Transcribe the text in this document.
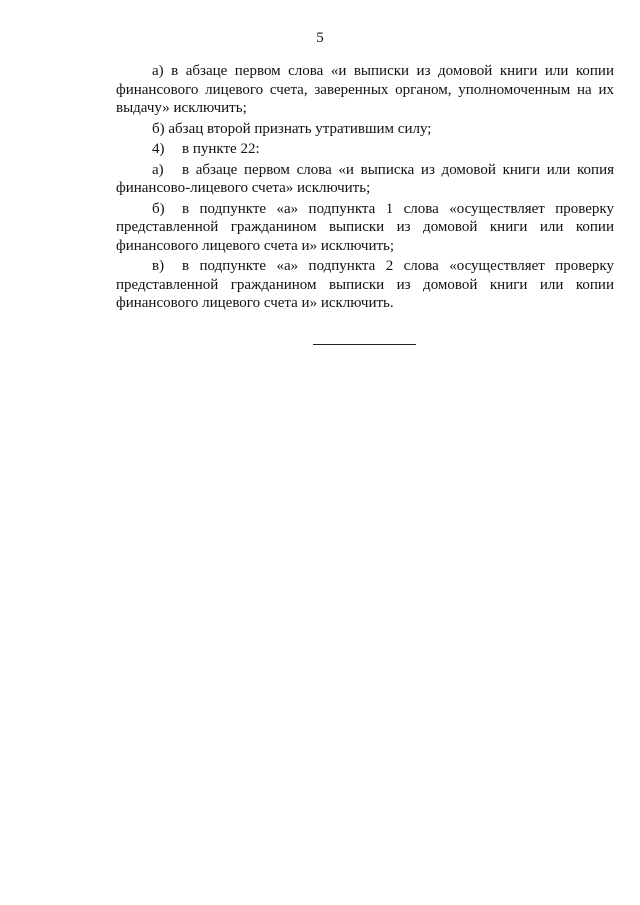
5

а) в абзаце первом слова «и выписки из домовой книги или копии финансового лицевого счета, заверенных органом, уполномоченным на их выдачу» исключить;

б) абзац второй признать утратившим силу;

4) в пункте 22:

а) в абзаце первом слова «и выписка из домовой книги или копия финансово-лицевого счета» исключить;

б) в подпункте «а» подпункта 1 слова «осуществляет проверку представленной гражданином выписки из домовой книги или копии финансового лицевого счета и» исключить;

в) в подпункте «а» подпункта 2 слова «осуществляет проверку представленной гражданином выписки из домовой книги или копии финансового лицевого счета и» исключить.
